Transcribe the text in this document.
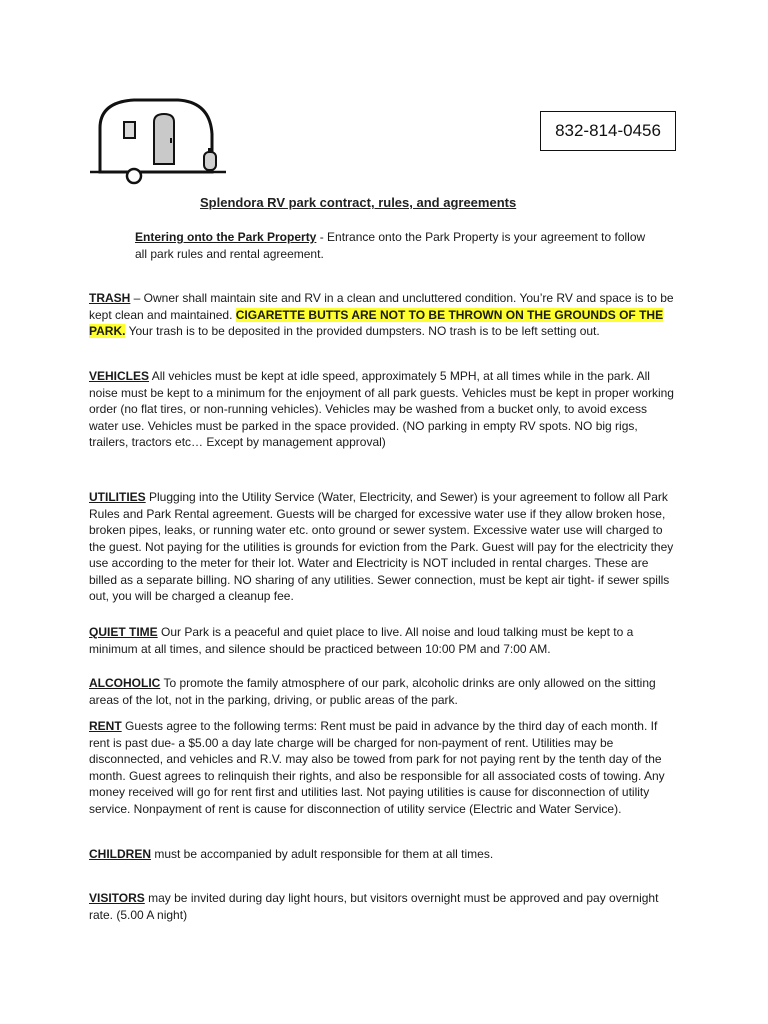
832-814-0456
Splendora RV park contract, rules, and agreements
Entering onto the Park Property - Entrance onto the Park Property is your agreement to follow all park rules and rental agreement.
TRASH – Owner shall maintain site and RV in a clean and uncluttered condition. You’re RV and space is to be kept clean and maintained. CIGARETTE BUTTS ARE NOT TO BE THROWN ON THE GROUNDS OF THE PARK. Your trash is to be deposited in the provided dumpsters. NO trash is to be left setting out.
VEHICLES All vehicles must be kept at idle speed, approximately 5 MPH, at all times while in the park. All noise must be kept to a minimum for the enjoyment of all park guests. Vehicles must be kept in proper working order (no flat tires, or non-running vehicles). Vehicles may be washed from a bucket only, to avoid excess water use. Vehicles must be parked in the space provided. (NO parking in empty RV spots. NO big rigs, trailers, tractors etc… Except by management approval)
UTILITIES Plugging into the Utility Service (Water, Electricity, and Sewer) is your agreement to follow all Park Rules and Park Rental agreement. Guests will be charged for excessive water use if they allow broken hose, broken pipes, leaks, or running water etc. onto ground or sewer system. Excessive water use will charged to the guest. Not paying for the utilities is grounds for eviction from the Park. Guest will pay for the electricity they use according to the meter for their lot. Water and Electricity is NOT included in rental charges. These are billed as a separate billing. NO sharing of any utilities. Sewer connection, must be kept air tight- if sewer spills out, you will be charged a cleanup fee.
QUIET TIME Our Park is a peaceful and quiet place to live. All noise and loud talking must be kept to a minimum at all times, and silence should be practiced between 10:00 PM and 7:00 AM.
ALCOHOLIC To promote the family atmosphere of our park, alcoholic drinks are only allowed on the sitting areas of the lot, not in the parking, driving, or public areas of the park.
RENT Guests agree to the following terms: Rent must be paid in advance by the third day of each month. If rent is past due- a $5.00 a day late charge will be charged for non-payment of rent. Utilities may be disconnected, and vehicles and R.V. may also be towed from park for not paying rent by the tenth day of the month. Guest agrees to relinquish their rights, and also be responsible for all associated costs of towing. Any money received will go for rent first and utilities last. Not paying utilities is cause for disconnection of utility service. Nonpayment of rent is cause for disconnection of utility service (Electric and Water Service).
CHILDREN must be accompanied by adult responsible for them at all times.
VISITORS may be invited during day light hours, but visitors overnight must be approved and pay overnight rate. (5.00 A night)
